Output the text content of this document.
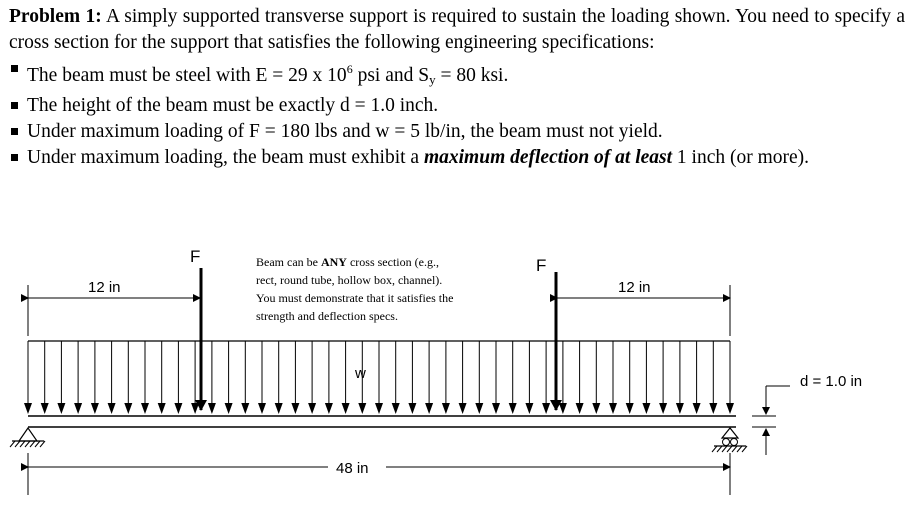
Problem 1: A simply supported transverse support is required to sustain the loading shown. You need to specify a cross section for the support that satisfies the following engineering specifications:

The beam must be steel with E = 29 x $10^6$ psi and $S_y = 80$ ksi.
The height of the beam must be exactly d = 1.0 inch.
Under maximum loading of F = 180 lbs and w = 5 lb/in, the beam must not yield.
Under maximum loading, the beam must exhibit a maximum deflection of at least 1 inch (or more).
F	F
w
12 in	12 in
48 in
d = 1.0 in
Beam can be ANY cross section (e.g.,
rect, round tube, hollow box, channel).
You must demonstrate that it satisfies the
strength and deflection specs.
